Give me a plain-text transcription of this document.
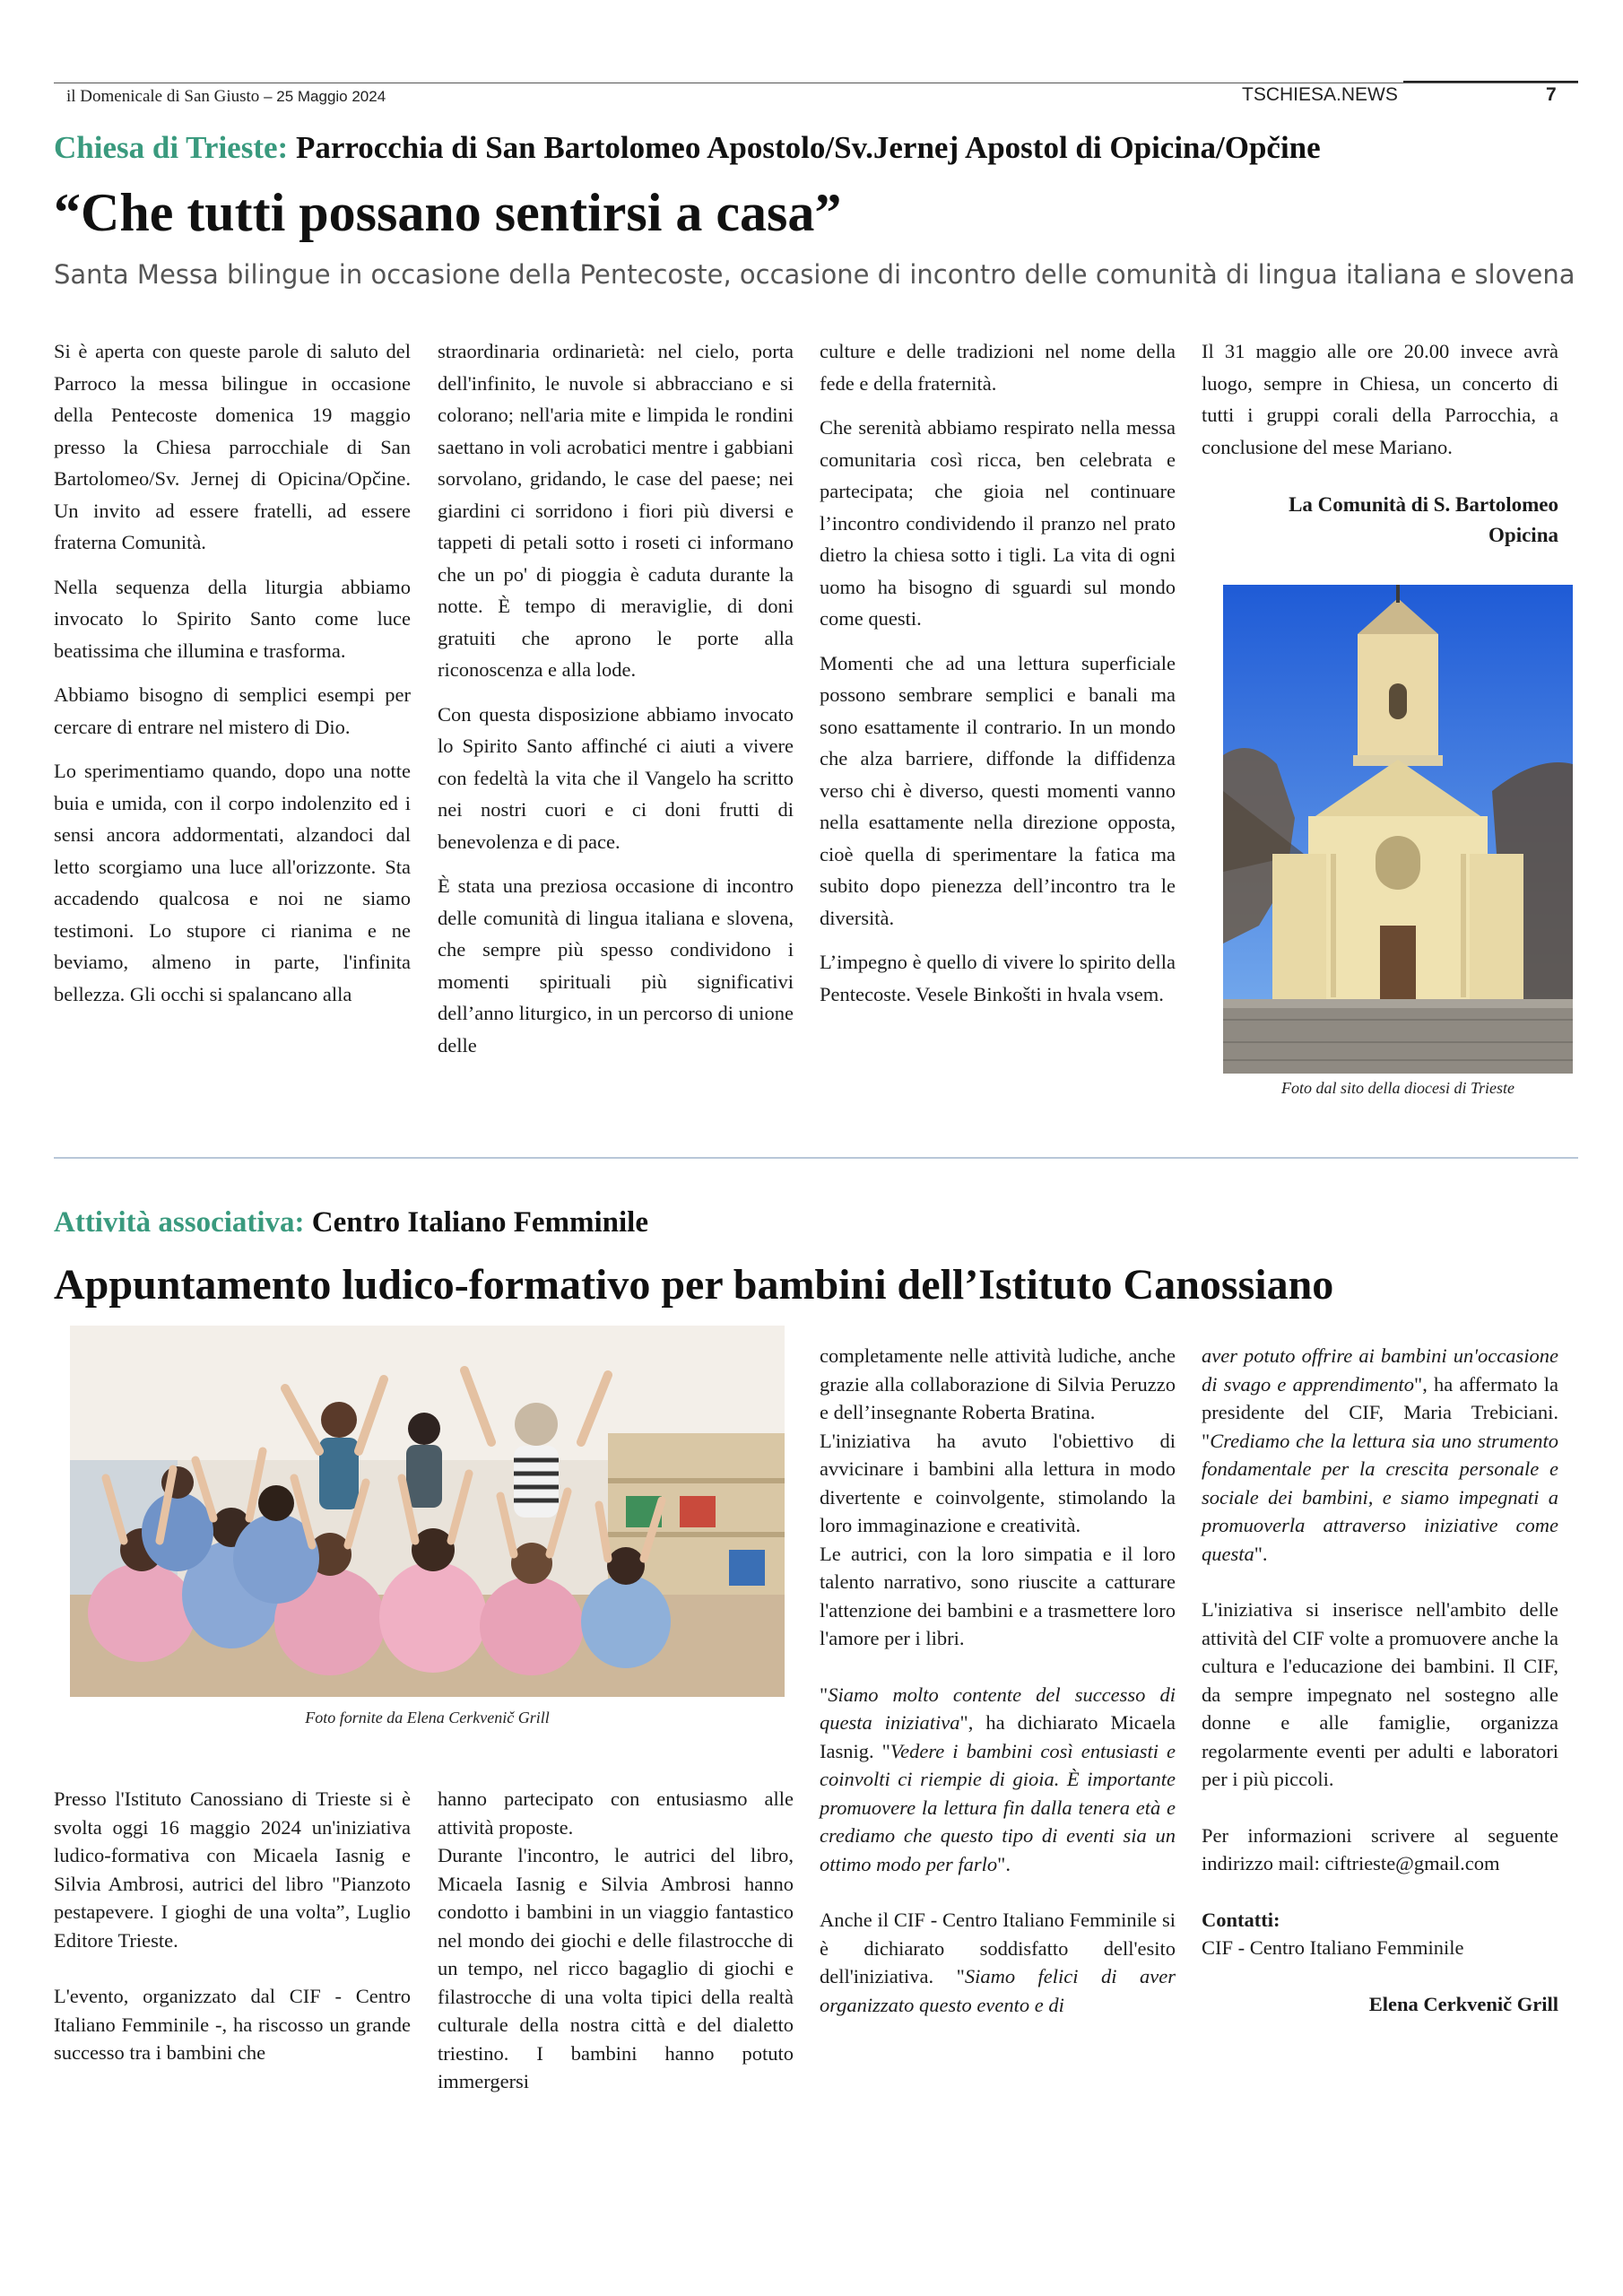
il Domenicale di San Giusto – 25 Maggio 2024	TSCHIESA.NEWS	7
Chiesa di Trieste: Parrocchia di San Bartolomeo Apostolo/Sv.Jernej Apostol di Opicina/Opčine
“Che tutti possano sentirsi a casa”
Santa Messa bilingue in occasione della Pentecoste, occasione di incontro delle comunità di lingua italiana e slovena

Si è aperta con queste parole di saluto del Parroco la messa bilingue in occasione della Pentecoste domenica 19 maggio presso la Chiesa parrocchiale di San Bartolomeo/Sv. Jernej di Opicina/Opčine. Un invito ad essere fratelli, ad essere fraterna Comunità.

Nella sequenza della liturgia abbiamo invocato lo Spirito Santo come luce beatissima che illumina e trasforma.

Abbiamo bisogno di semplici esempi per cercare di entrare nel mistero di Dio.

Lo sperimentiamo quando, dopo una notte buia e umida, con il corpo indolenzito ed i sensi ancora addormentati, alzandoci dal letto scorgiamo una luce all'orizzonte. Sta accadendo qualcosa e noi ne siamo testimoni. Lo stupore ci rianima e ne beviamo, almeno in parte, l'infinita bellezza. Gli occhi si spalancano alla

straordinaria ordinarietà: nel cielo, porta dell'infinito, le nuvole si abbracciano e si colorano; nell'aria mite e limpida le rondini saettano in voli acrobatici mentre i gabbiani sorvolano, gridando, le case del paese; nei giardini ci sorridono i fiori più diversi e tappeti di petali sotto i roseti ci informano che un po' di pioggia è caduta durante la notte. È tempo di meraviglie, di doni gratuiti che aprono le porte alla riconoscenza e alla lode.

Con questa disposizione abbiamo invocato lo Spirito Santo affinché ci aiuti a vivere con fedeltà la vita che il Vangelo ha scritto nei nostri cuori e ci doni frutti di benevolenza e di pace.

È stata una preziosa occasione di incontro delle comunità di lingua italiana e slovena, che sempre più spesso condividono i momenti spirituali più significativi dell’anno liturgico, in un percorso di unione delle

culture e delle tradizioni nel nome della fede e della fraternità.

Che serenità abbiamo respirato nella messa comunitaria così ricca, ben celebrata e partecipata; che gioia nel continuare l’incontro condividendo il pranzo nel prato dietro la chiesa sotto i tigli. La vita di ogni uomo ha bisogno di sguardi sul mondo come questi.

Momenti che ad una lettura superficiale possono sembrare semplici e banali ma sono esattamente il contrario. In un mondo che alza barriere, diffonde la diffidenza verso chi è diverso, questi momenti vanno nella esattamente nella direzione opposta, cioè quella di sperimentare la fatica ma subito dopo pienezza dell’incontro tra le diversità.

L’impegno è quello di vivere lo spirito della Pentecoste. Vesele Binkošti in hvala vsem.

Il 31 maggio alle ore 20.00 invece avrà luogo, sempre in Chiesa, un concerto di tutti i gruppi corali della Parrocchia, a conclusione del mese Mariano.

La Comunità di S. Bartolomeo
Opicina
Foto dal sito della diocesi di Trieste
Attività associativa: Centro Italiano Femminile
Appuntamento ludico-formativo per bambini dell’Istituto Canossiano
Foto fornite da Elena Cerkvenič Grill

Presso l'Istituto Canossiano di Trieste si è svolta oggi 16 maggio 2024 un'iniziativa ludico-formativa con Micaela Iasnig e Silvia Ambrosi, autrici del libro "Pianzoto pestapevere. I gioghi de una volta”, Luglio Editore Trieste.

L'evento, organizzato dal CIF - Centro Italiano Femminile -, ha riscosso un grande successo tra i bambini che

hanno partecipato con entusiasmo alle attività proposte.

Durante l'incontro, le autrici del libro, Micaela Iasnig e Silvia Ambrosi hanno condotto i bambini in un viaggio fantastico nel mondo dei giochi e delle filastrocche di un tempo, nel ricco bagaglio di giochi e filastrocche di una volta tipici della realtà culturale della nostra città e del dialetto triestino. I bambini hanno potuto immergersi

completamente nelle attività ludiche, anche grazie alla collaborazione di Silvia Peruzzo e dell’insegnante Roberta Bratina.

L'iniziativa ha avuto l'obiettivo di avvicinare i bambini alla lettura in modo divertente e coinvolgente, stimolando la loro immaginazione e creatività.

Le autrici, con la loro simpatia e il loro talento narrativo, sono riuscite a catturare l'attenzione dei bambini e a trasmettere loro l'amore per i libri.

"Siamo molto contente del successo di questa iniziativa", ha dichiarato Micaela Iasnig. "Vedere i bambini così entusiasti e coinvolti ci riempie di gioia. È importante promuovere la lettura fin dalla tenera età e crediamo che questo tipo di eventi sia un ottimo modo per farlo".

Anche il CIF - Centro Italiano Femminile si è dichiarato soddisfatto dell'esito dell'iniziativa. "Siamo felici di aver organizzato questo evento e di

aver potuto offrire ai bambini un'occasione di svago e apprendimento", ha affermato la presidente del CIF, Maria Trebiciani. "Crediamo che la lettura sia uno strumento fondamentale per la crescita personale e sociale dei bambini, e siamo impegnati a promuoverla attraverso iniziative come questa".

L'iniziativa si inserisce nell'ambito delle attività del CIF volte a promuovere anche la cultura e l'educazione dei bambini. Il CIF, da sempre impegnato nel sostegno alle donne e alle famiglie, organizza regolarmente eventi per adulti e laboratori per i più piccoli.

Per informazioni scrivere al seguente indirizzo mail: ciftrieste@gmail.com

Contatti:

CIF - Centro Italiano Femminile

Elena Cerkvenič Grill
